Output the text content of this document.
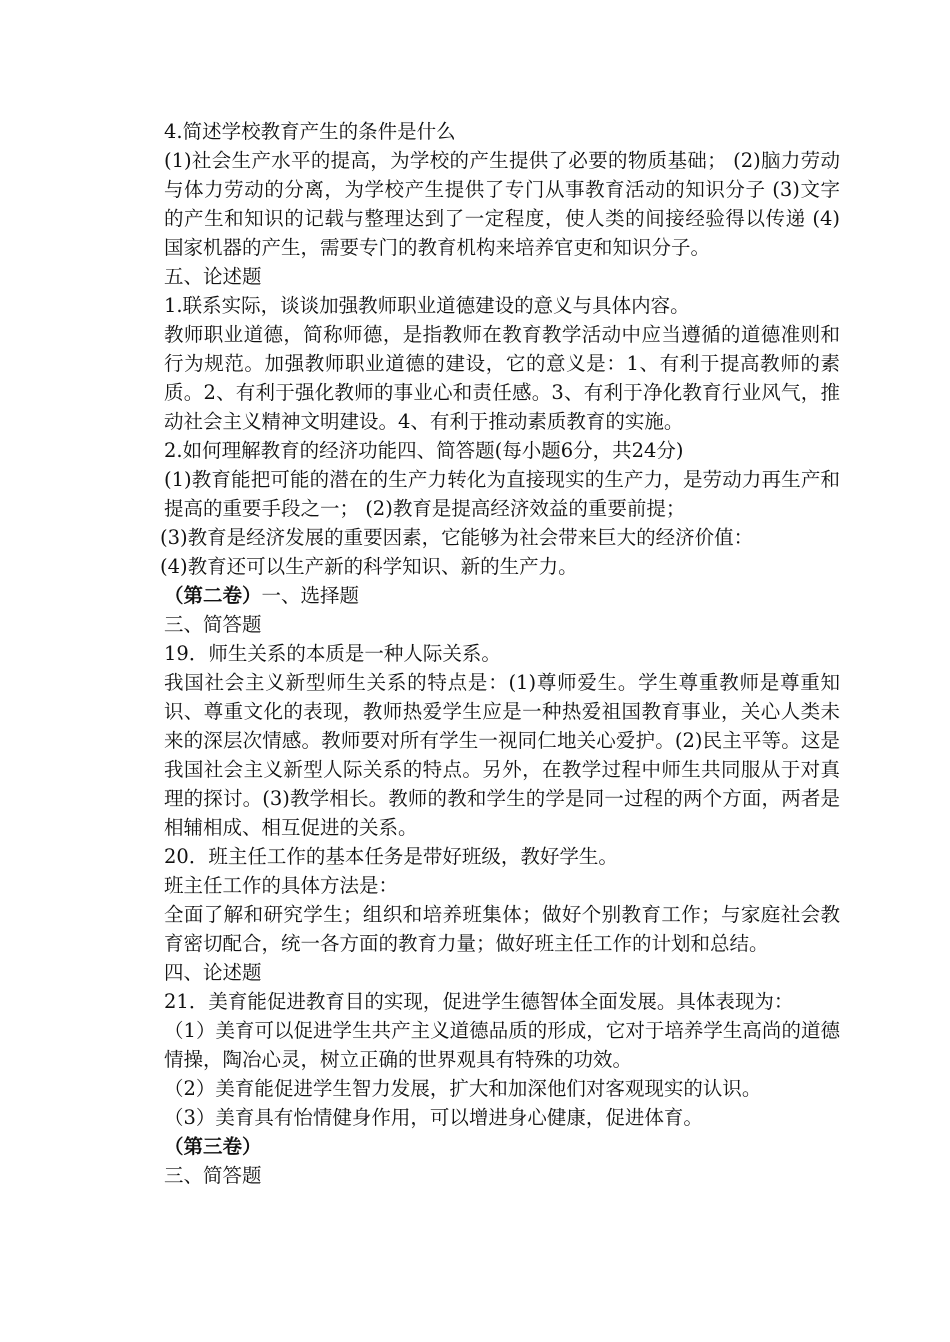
4.简述学校教育产生的条件是什么

(1)社会生产水平的提高，为学校的产生提供了必要的物质基础； (2)脑力劳动与体力劳动的分离，为学校产生提供了专门从事教育活动的知识分子 (3)文字的产生和知识的记载与整理达到了一定程度，使人类的间接经验得以传递 (4)国家机器的产生，需要专门的教育机构来培养官吏和知识分子。

五、论述题

1.联系实际，谈谈加强教师职业道德建设的意义与具体内容。

教师职业道德，简称师德，是指教师在教育教学活动中应当遵循的道德准则和行为规范。加强教师职业道德的建设，它的意义是：1、有利于提高教师的素质。2、有利于强化教师的事业心和责任感。3、有利于净化教育行业风气，推动社会主义精神文明建设。4、有利于推动素质教育的实施。

2.如何理解教育的经济功能四、简答题(每小题6分，共24分)

(1)教育能把可能的潜在的生产力转化为直接现实的生产力，是劳动力再生产和提高的重要手段之一； (2)教育是提高经济效益的重要前提；

(3)教育是经济发展的重要因素，它能够为社会带来巨大的经济价值：

(4)教育还可以生产新的科学知识、新的生产力。

（第二卷）一、选择题

三、简答题

19．师生关系的本质是一种人际关系。

我国社会主义新型师生关系的特点是：(1)尊师爱生。学生尊重教师是尊重知识、尊重文化的表现，教师热爱学生应是一种热爱祖国教育事业，关心人类未来的深层次情感。教师要对所有学生一视同仁地关心爱护。(2)民主平等。这是我国社会主义新型人际关系的特点。另外，在教学过程中师生共同服从于对真理的探讨。(3)教学相长。教师的教和学生的学是同一过程的两个方面，两者是相辅相成、相互促进的关系。

20．班主任工作的基本任务是带好班级，教好学生。

班主任工作的具体方法是：

全面了解和研究学生；组织和培养班集体；做好个别教育工作；与家庭社会教育密切配合，统一各方面的教育力量；做好班主任工作的计划和总结。

四、论述题

21．美育能促进教育目的实现，促进学生德智体全面发展。具体表现为：

（1）美育可以促进学生共产主义道德品质的形成，它对于培养学生高尚的道德情操，陶冶心灵，树立正确的世界观具有特殊的功效。

（2）美育能促进学生智力发展，扩大和加深他们对客观现实的认识。

（3）美育具有怡情健身作用，可以增进身心健康，促进体育。

（第三卷）

三、简答题
